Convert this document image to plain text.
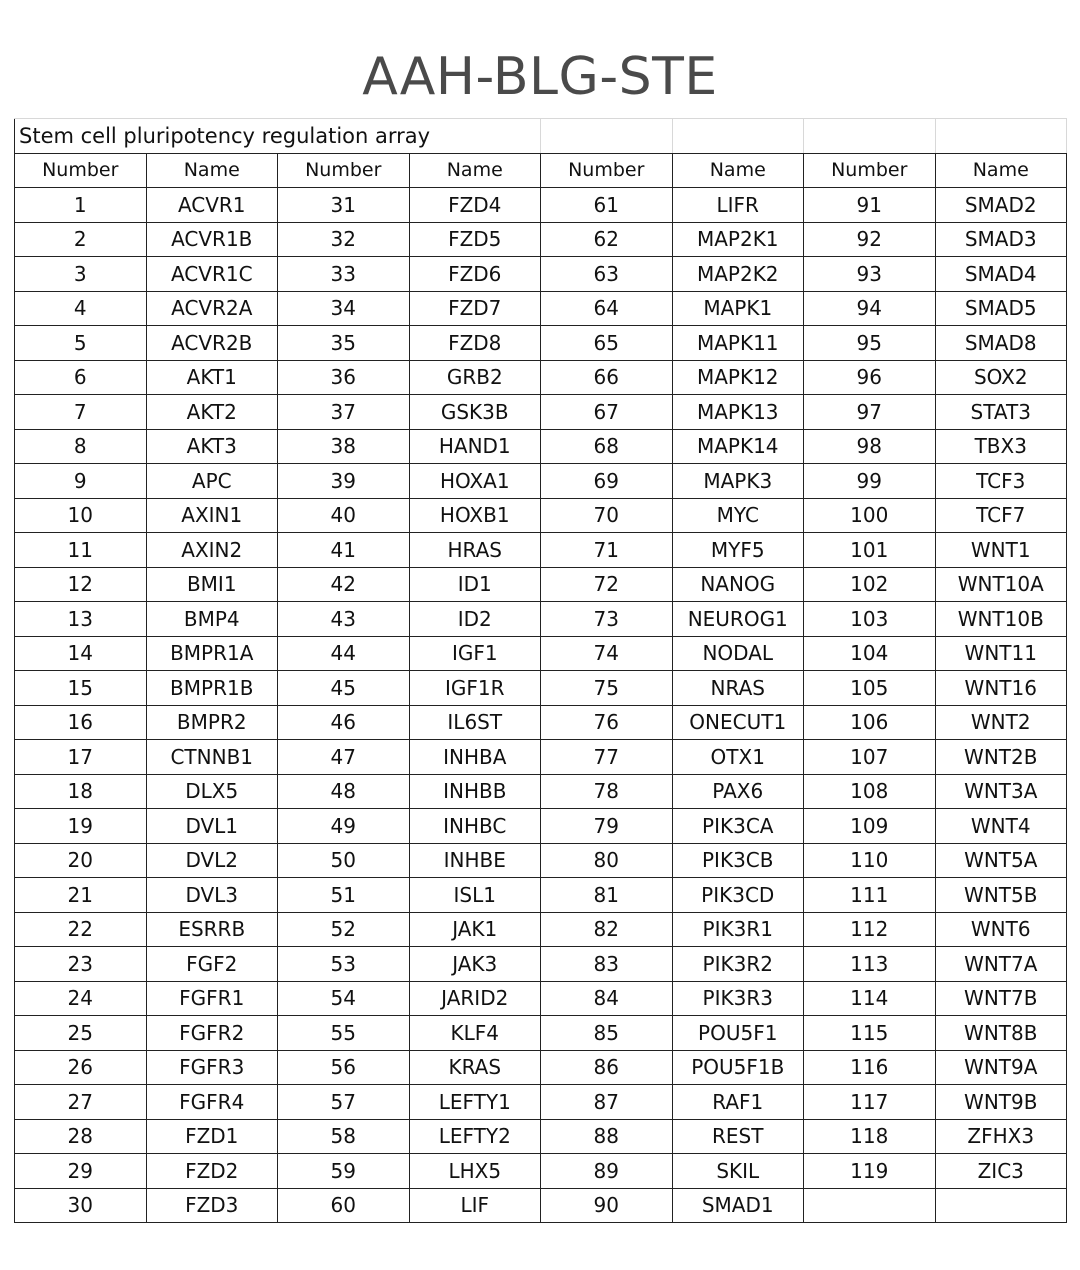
AAH-BLG-STE
Stem cell pluripotency regulation array							
Number	Name	Number	Name	Number	Name	Number	Name
1	ACVR1	31	FZD4	61	LIFR	91	SMAD2
2	ACVR1B	32	FZD5	62	MAP2K1	92	SMAD3
3	ACVR1C	33	FZD6	63	MAP2K2	93	SMAD4
4	ACVR2A	34	FZD7	64	MAPK1	94	SMAD5
5	ACVR2B	35	FZD8	65	MAPK11	95	SMAD8
6	AKT1	36	GRB2	66	MAPK12	96	SOX2
7	AKT2	37	GSK3B	67	MAPK13	97	STAT3
8	AKT3	38	HAND1	68	MAPK14	98	TBX3
9	APC	39	HOXA1	69	MAPK3	99	TCF3
10	AXIN1	40	HOXB1	70	MYC	100	TCF7
11	AXIN2	41	HRAS	71	MYF5	101	WNT1
12	BMI1	42	ID1	72	NANOG	102	WNT10A
13	BMP4	43	ID2	73	NEUROG1	103	WNT10B
14	BMPR1A	44	IGF1	74	NODAL	104	WNT11
15	BMPR1B	45	IGF1R	75	NRAS	105	WNT16
16	BMPR2	46	IL6ST	76	ONECUT1	106	WNT2
17	CTNNB1	47	INHBA	77	OTX1	107	WNT2B
18	DLX5	48	INHBB	78	PAX6	108	WNT3A
19	DVL1	49	INHBC	79	PIK3CA	109	WNT4
20	DVL2	50	INHBE	80	PIK3CB	110	WNT5A
21	DVL3	51	ISL1	81	PIK3CD	111	WNT5B
22	ESRRB	52	JAK1	82	PIK3R1	112	WNT6
23	FGF2	53	JAK3	83	PIK3R2	113	WNT7A
24	FGFR1	54	JARID2	84	PIK3R3	114	WNT7B
25	FGFR2	55	KLF4	85	POU5F1	115	WNT8B
26	FGFR3	56	KRAS	86	POU5F1B	116	WNT9A
27	FGFR4	57	LEFTY1	87	RAF1	117	WNT9B
28	FZD1	58	LEFTY2	88	REST	118	ZFHX3
29	FZD2	59	LHX5	89	SKIL	119	ZIC3
30	FZD3	60	LIF	90	SMAD1		
